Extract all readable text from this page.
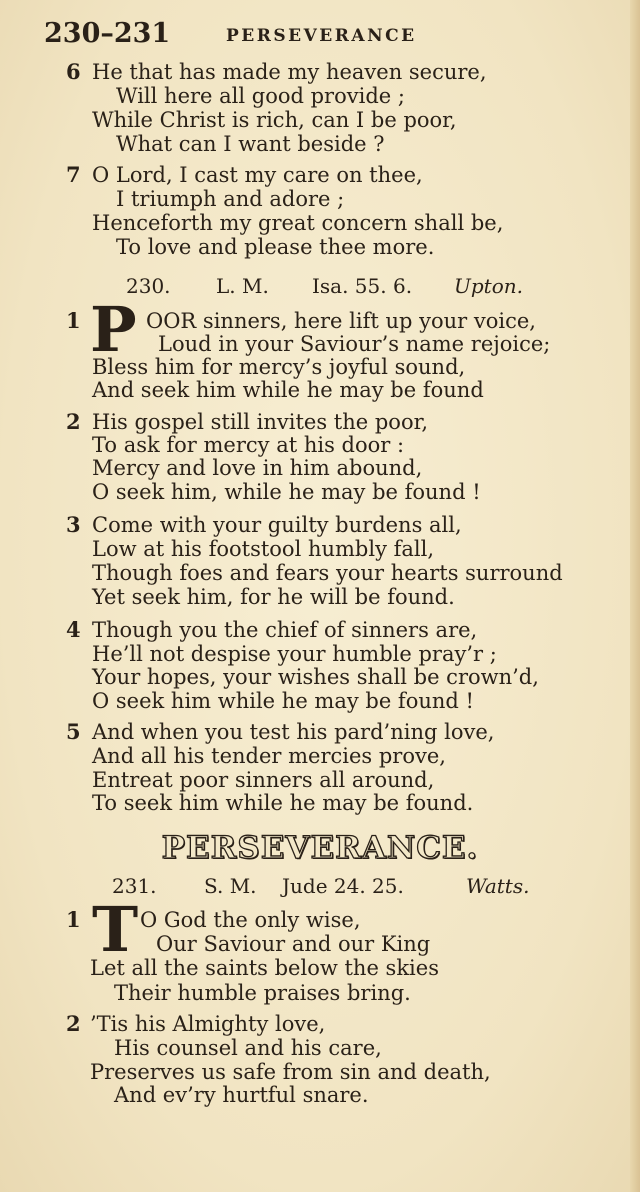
230–231	PERSEVERANCE
6 He that has made my heaven secure,
Will here all good provide ;
While Christ is rich, can I be poor,
What can I want beside ?
7 O Lord, I cast my care on thee,
I triumph and adore ;
Henceforth my great concern shall be,
To love and please thee more.
230. L. M. Isa. 55. 6. Upton.
1 P OOR sinners, here lift up your voice,
Loud in your Saviour’s name rejoice;
Bless him for mercy’s joyful sound,
And seek him while he may be found
2 His gospel still invites the poor,
To ask for mercy at his door :
Mercy and love in him abound,
O seek him, while he may be found !
3 Come with your guilty burdens all,
Low at his footstool humbly fall,
Though foes and fears your hearts surround
Yet seek him, for he will be found.
4 Though you the chief of sinners are,
He’ll not despise your humble pray’r ;
Your hopes, your wishes shall be crown’d,
O seek him while he may be found !
5 And when you test his pard’ning love,
And all his tender mercies prove,
Entreat poor sinners all around,
To seek him while he may be found.
PERSEVERANCE.
231. S. M. Jude 24. 25.	Watts.
1 T O God the only wise,
Our Saviour and our King
Let all the saints below the skies
Their humble praises bring.
2 ’Tis his Almighty love,
His counsel and his care,
Preserves us safe from sin and death,
And ev’ry hurtful snare.
